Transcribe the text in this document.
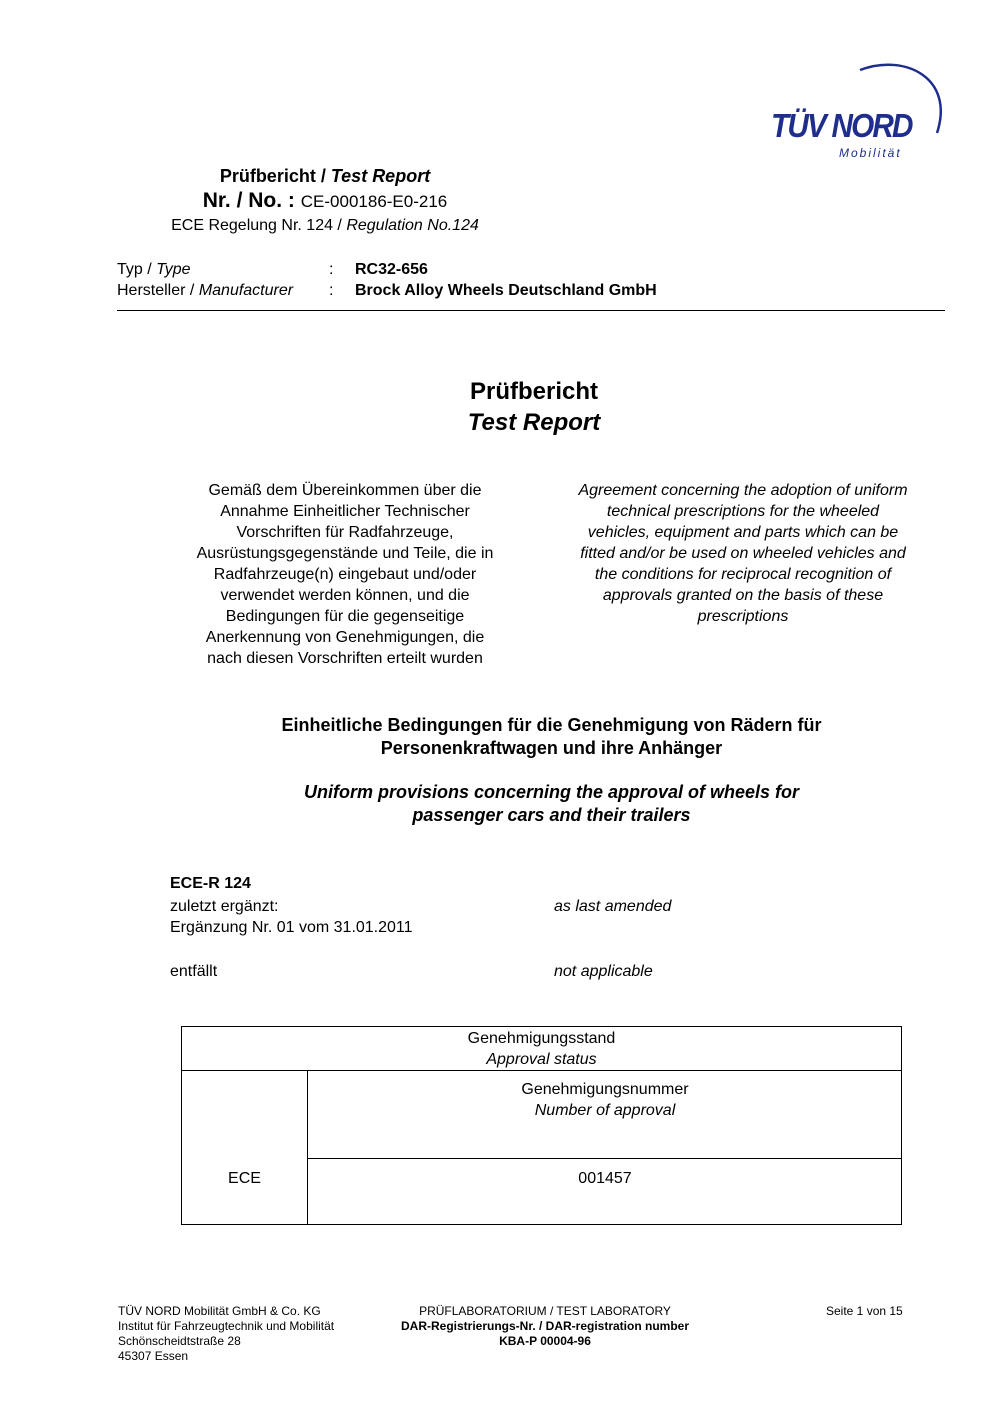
TÜV NORD
Mobilität
Prüfbericht / Test Report
Nr. / No. : CE-000186-E0-216
ECE Regelung Nr. 124 / Regulation No.124
Typ / Type	: RC32-656
Hersteller / Manufacturer : Brock Alloy Wheels Deutschland GmbH
Prüfbericht
Test Report
Gemäß dem Übereinkommen über die
Annahme Einheitlicher Technischer
Vorschriften für Radfahrzeuge,
Ausrüstungsgegenstände und Teile, die in
Radfahrzeuge(n) eingebaut und/oder
verwendet werden können, und die
Bedingungen für die gegenseitige
Anerkennung von Genehmigungen, die
nach diesen Vorschriften erteilt wurden
Agreement concerning the adoption of uniform
technical prescriptions for the wheeled
vehicles, equipment and parts which can be
fitted and/or be used on wheeled vehicles and
the conditions for reciprocal recognition of
approvals granted on the basis of these
prescriptions
Einheitliche Bedingungen für die Genehmigung von Rädern für
Personenkraftwagen und ihre Anhänger
Uniform provisions concerning the approval of wheels for
passenger cars and their trailers
ECE-R 124
zuletzt ergänzt:	as last amended
Ergänzung Nr. 01 vom 31.01.2011
entfällt	not applicable
Genehmigungsstand
Approval status
Genehmigungsnummer
Number of approval
ECE	001457
TÜV NORD Mobilität GmbH & Co. KG
Institut für Fahrzeugtechnik und Mobilität
Schönscheidtstraße 28
45307 Essen
PRÜFLABORATORIUM / TEST LABORATORY
DAR-Registrierungs-Nr. / DAR-registration number
KBA-P 00004-96
Seite 1 von 15
